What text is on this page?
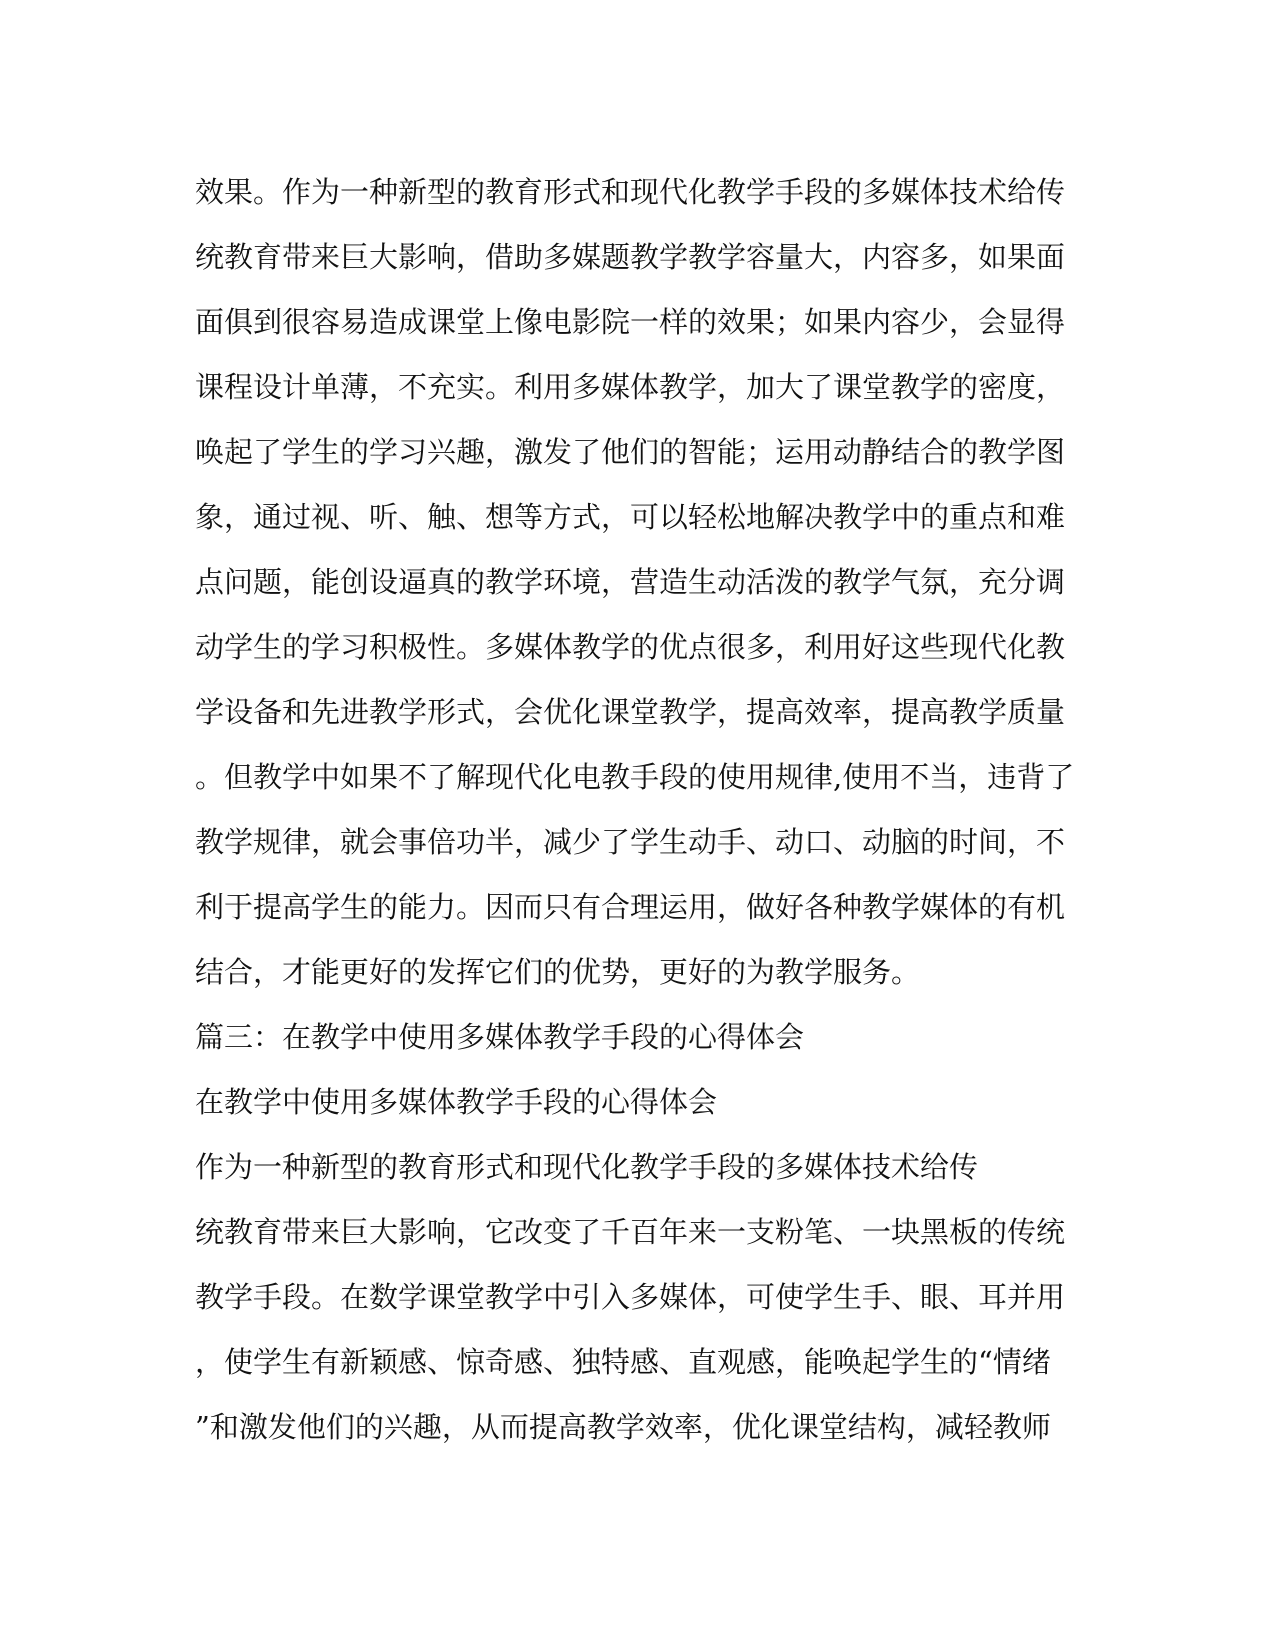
效果。作为一种新型的教育形式和现代化教学手段的多媒体技术给传
统教育带来巨大影响，借助多媒题教学教学容量大，内容多，如果面
面俱到很容易造成课堂上像电影院一样的效果；如果内容少，会显得
课程设计单薄，不充实。利用多媒体教学，加大了课堂教学的密度，
唤起了学生的学习兴趣，激发了他们的智能；运用动静结合的教学图
象，通过视、听、触、想等方式，可以轻松地解决教学中的重点和难
点问题，能创设逼真的教学环境，营造生动活泼的教学气氛，充分调
动学生的学习积极性。多媒体教学的优点很多，利用好这些现代化教
学设备和先进教学形式，会优化课堂教学，提高效率，提高教学质量
。但教学中如果不了解现代化电教手段的使用规律,使用不当，违背了
教学规律，就会事倍功半，减少了学生动手、动口、动脑的时间，不
利于提高学生的能力。因而只有合理运用，做好各种教学媒体的有机
结合，才能更好的发挥它们的优势，更好的为教学服务。
篇三：在教学中使用多媒体教学手段的心得体会
在教学中使用多媒体教学手段的心得体会
作为一种新型的教育形式和现代化教学手段的多媒体技术给传
统教育带来巨大影响，它改变了千百年来一支粉笔、一块黑板的传统
教学手段。在数学课堂教学中引入多媒体，可使学生手、眼、耳并用
，使学生有新颖感、惊奇感、独特感、直观感，能唤起学生的“情绪
”和激发他们的兴趣，从而提高教学效率，优化课堂结构，减轻教师
